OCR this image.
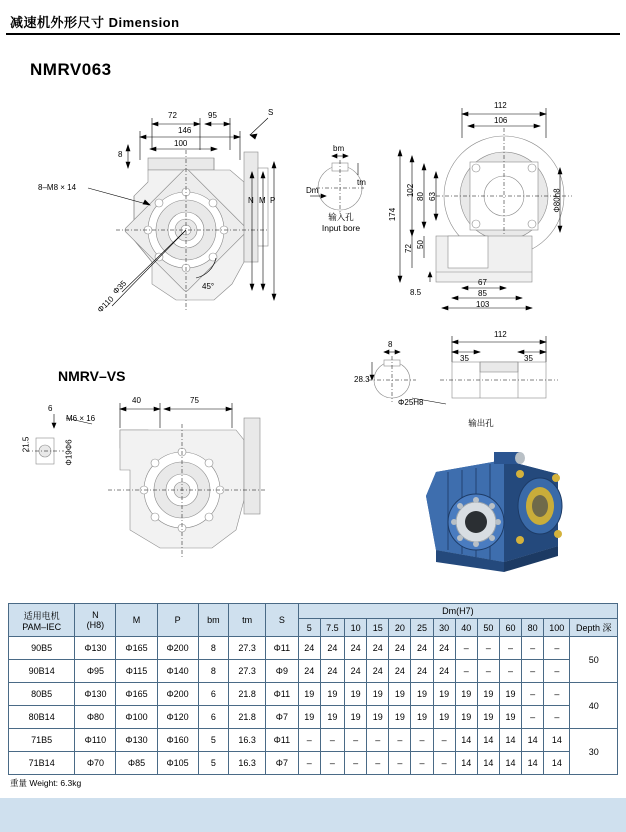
减速机外形尺寸 Dimension
NMRV063
NMRV–VS
72	95	S
146
100
8
N M P
8–M8 × 14
Φ35
Φ110
45°
bm
tm
Dm
输入孔
Input bore
112
106
102 80 63
174
72 50
67
85
103
8.5
Φ80h8
112
35	35
8
28.3
Φ25H8
输出孔

40	75
6
M6 × 16
21.5	Φ19Φ6
适用电机
PAM–IEC	N
(H8)	M	P	bm	tm	S	Dm(H7)												
							5	7.5	10	15	20	25	30	40	50	60	80	100	Depth 深
90B5	Φ130	Φ165	Φ200	8	27.3	Φ11	24	24	24	24	24	24	24	–	–	–	–	–	50
90B14	Φ95	Φ115	Φ140	8	27.3	Φ9	24	24	24	24	24	24	24	–	–	–	–	–	
80B5	Φ130	Φ165	Φ200	6	21.8	Φ11	19	19	19	19	19	19	19	19	19	19	–	–	40
80B14	Φ80	Φ100	Φ120	6	21.8	Φ7	19	19	19	19	19	19	19	19	19	19	–	–	
71B5	Φ110	Φ130	Φ160	5	16.3	Φ11	–	–	–	–	–	–	–	14	14	14	14	14	30
71B14	Φ70	Φ85	Φ105	5	16.3	Φ7	–	–	–	–	–	–	–	14	14	14	14	14	
重量 Weight: 6.3kg
